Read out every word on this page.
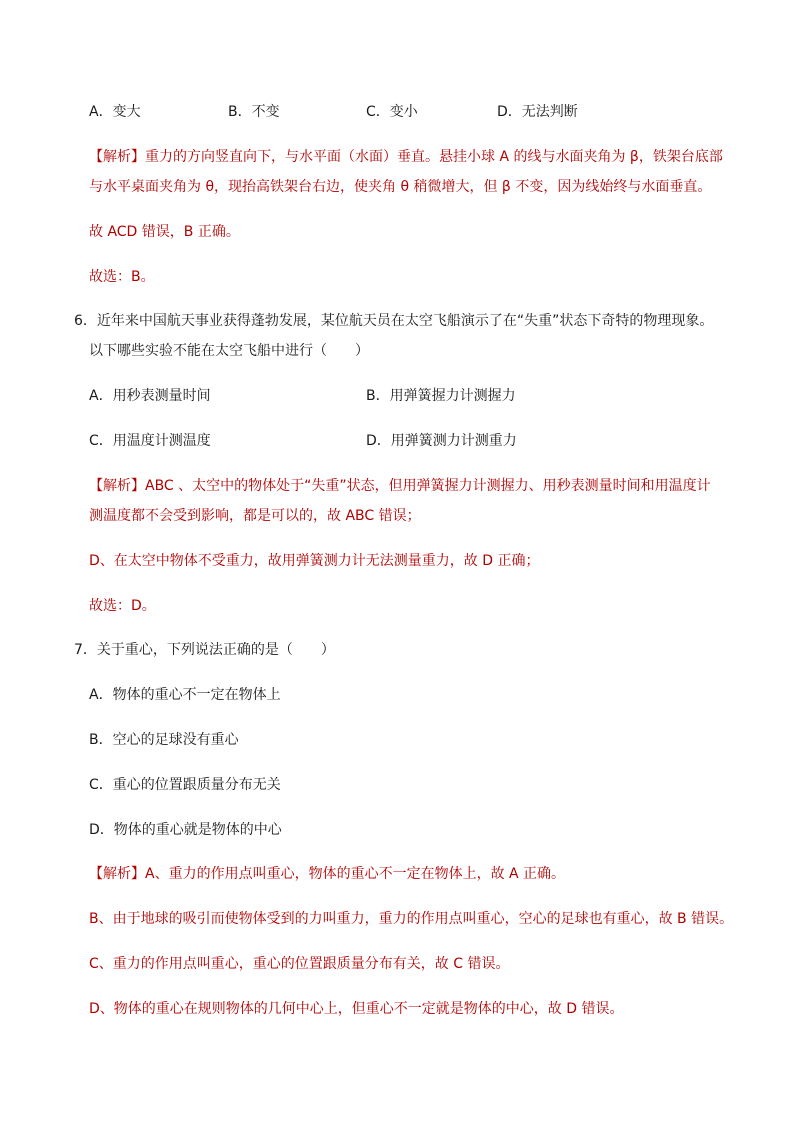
A．变大	B．不变	C．变小	D．无法判断
【解析】重力的方向竖直向下，与水平面（水面）垂直。悬挂小球 A 的线与水面夹角为 β，铁架台底部
与水平桌面夹角为 θ，现抬高铁架台右边，使夹角 θ 稍微增大，但 β 不变，因为线始终与水面垂直。
故 ACD 错误，B 正确。
故选：B。
6．近年来中国航天事业获得蓬勃发展，某位航天员在太空飞船演示了在“失重”状态下奇特的物理现象。
以下哪些实验不能在太空飞船中进行（　　）
A．用秒表测量时间	B．用弹簧握力计测握力
C．用温度计测温度	D．用弹簧测力计测重力
【解析】ABC 、太空中的物体处于“失重”状态，但用弹簧握力计测握力、用秒表测量时间和用温度计
测温度都不会受到影响，都是可以的，故 ABC 错误；
D、在太空中物体不受重力，故用弹簧测力计无法测量重力，故 D 正确；
故选：D。
7．关于重心，下列说法正确的是（　　）
A．物体的重心不一定在物体上
B．空心的足球没有重心
C．重心的位置跟质量分布无关
D．物体的重心就是物体的中心
【解析】A、重力的作用点叫重心，物体的重心不一定在物体上，故 A 正确。
B、由于地球的吸引而使物体受到的力叫重力，重力的作用点叫重心，空心的足球也有重心，故 B 错误。
C、重力的作用点叫重心，重心的位置跟质量分布有关，故 C 错误。
D、物体的重心在规则物体的几何中心上，但重心不一定就是物体的中心，故 D 错误。
